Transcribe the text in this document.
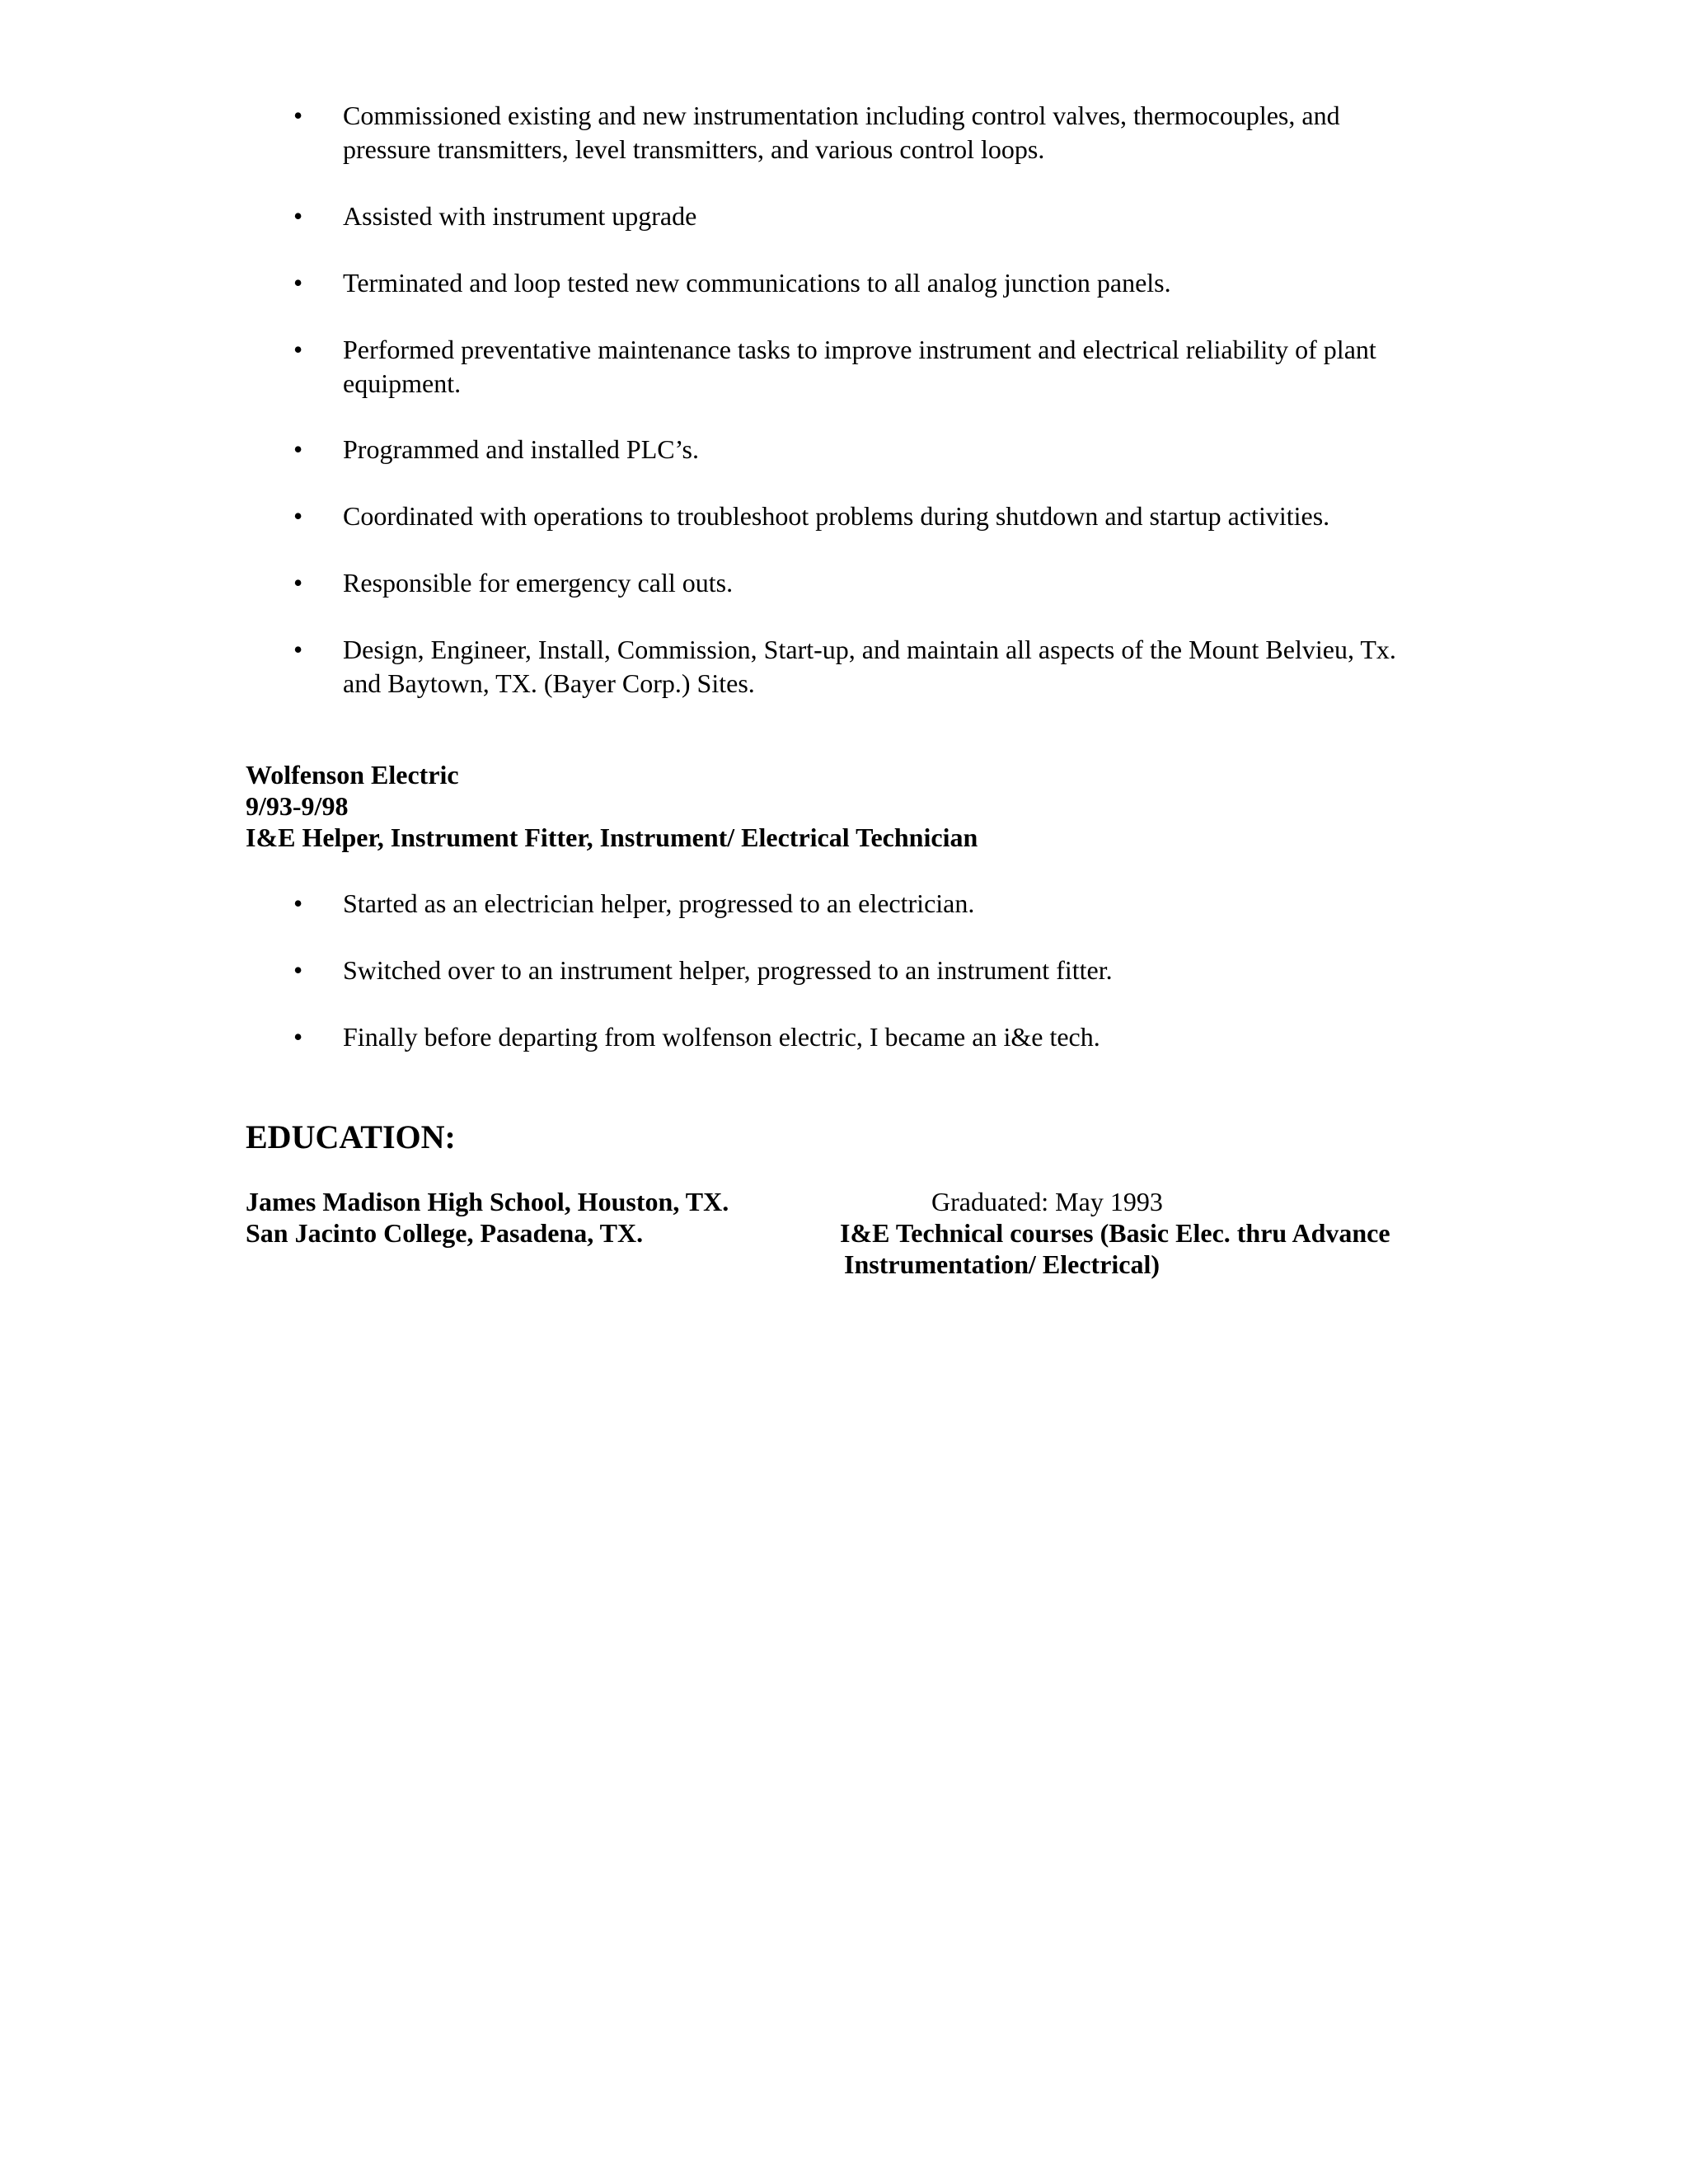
• Commissioned existing and new instrumentation including control valves, thermocouples, and pressure transmitters, level transmitters, and various control loops.
• Assisted with instrument upgrade
• Terminated and loop tested new communications to all analog junction panels.
• Performed preventative maintenance tasks to improve instrument and electrical reliability of plant equipment.
• Programmed and installed PLC’s.
• Coordinated with operations to troubleshoot problems during shutdown and startup activities.
• Responsible for emergency call outs.
• Design, Engineer, Install, Commission, Start-up, and maintain all aspects of the Mount Belvieu, Tx. and Baytown, TX. (Bayer Corp.) Sites.
Wolfenson Electric
9/93-9/98
I&E Helper, Instrument Fitter, Instrument/ Electrical Technician
• Started as an electrician helper, progressed to an electrician.
• Switched over to an instrument helper, progressed to an instrument fitter.
• Finally before departing from wolfenson electric, I became an i&e tech.
EDUCATION:
James Madison High School, Houston, TX.	Graduated: May 1993
San Jacinto College, Pasadena, TX.	I&E Technical courses (Basic Elec. thru Advance
Instrumentation/ Electrical)
